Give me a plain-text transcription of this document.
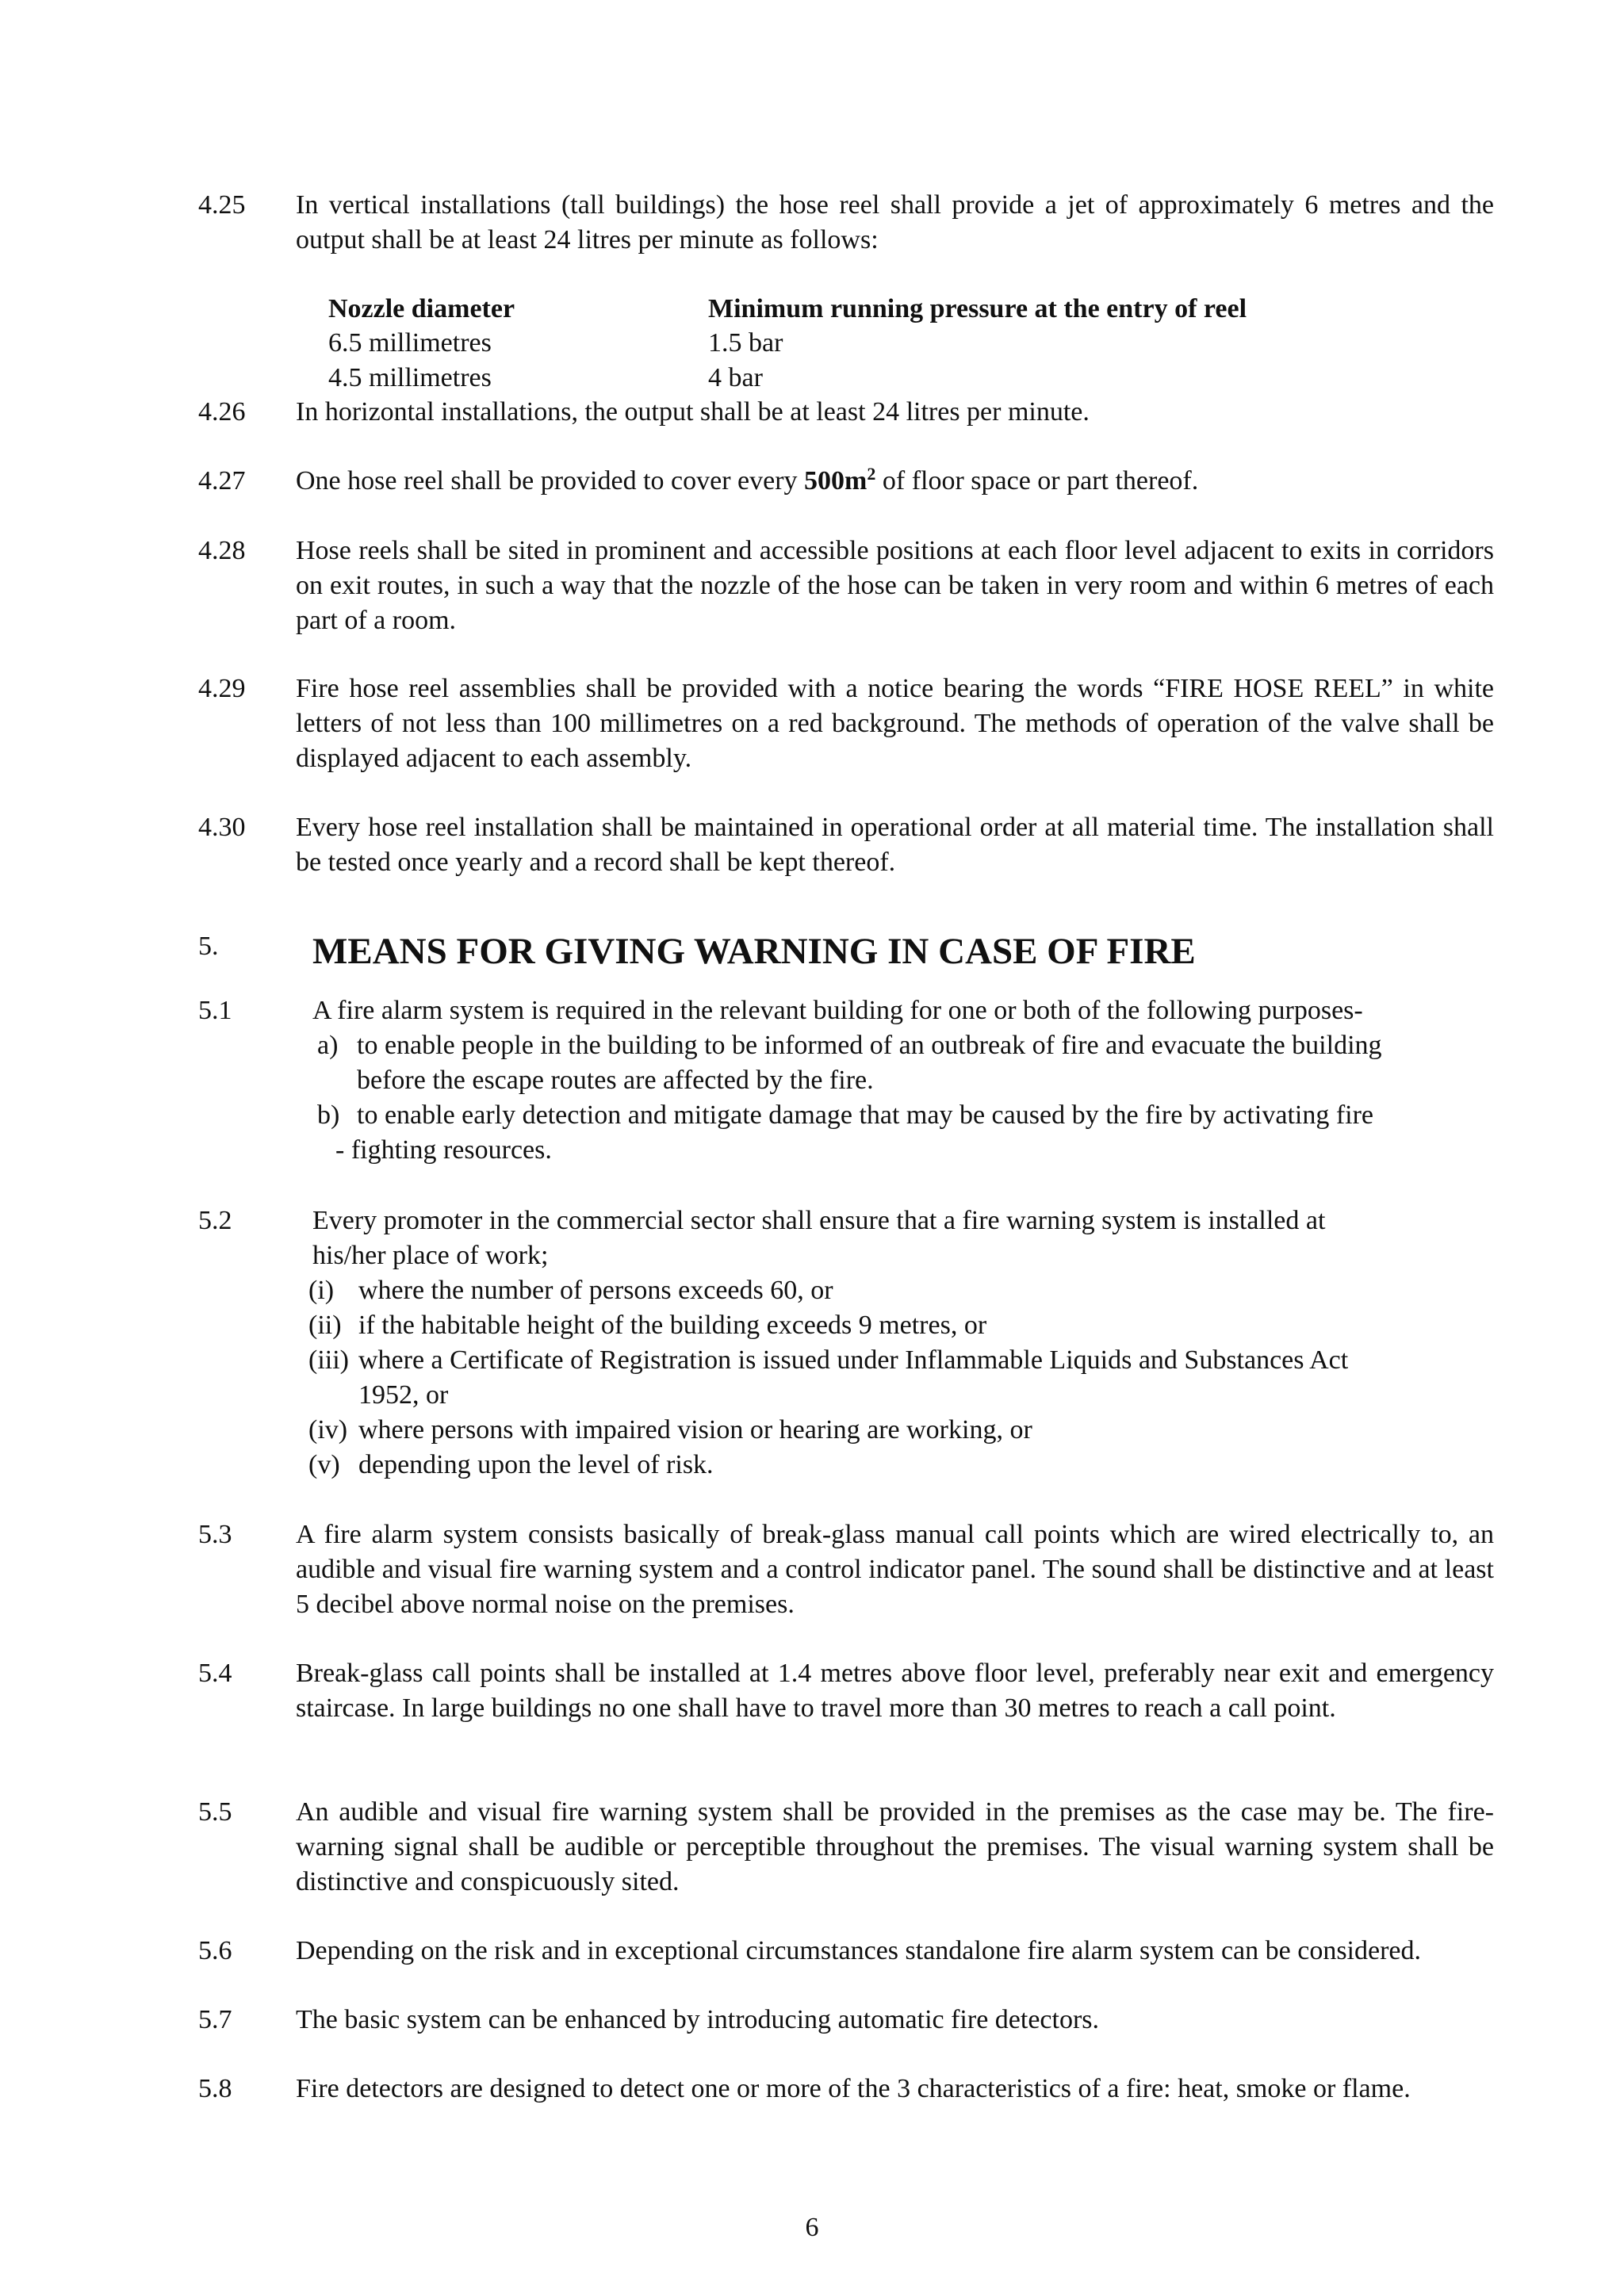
4.25 In vertical installations (tall buildings) the hose reel shall provide a jet of approximately 6 metres and the output shall be at least 24 litres per minute as follows:
Nozzle diameter	Minimum running pressure at the entry of reel
6.5 millimetres	1.5 bar
4.5 millimetres	4 bar
4.26 In horizontal installations, the output shall be at least 24 litres per minute.
4.27 One hose reel shall be provided to cover every $500m^2$ of floor space or part thereof.
4.28 Hose reels shall be sited in prominent and accessible positions at each floor level adjacent to exits in corridors on exit routes, in such a way that the nozzle of the hose can be taken in very room and within 6 metres of each part of a room.
4.29 Fire hose reel assemblies shall be provided with a notice bearing the words “FIRE HOSE REEL” in white letters of not less than 100 millimetres on a red background. The methods of operation of the valve shall be displayed adjacent to each assembly.
4.30 Every hose reel installation shall be maintained in operational order at all material time. The installation shall be tested once yearly and a record shall be kept thereof.
5.	MEANS FOR GIVING WARNING IN CASE OF FIRE
5.1	A fire alarm system is required in the relevant building for one or both of the following purposes-
a) to enable people in the building to be informed of an outbreak of fire and evacuate the building
before the escape routes are affected by the fire.
b) to enable early detection and mitigate damage that may be caused by the fire by activating fire
- fighting resources.
5.2	Every promoter in the commercial sector shall ensure that a fire warning system is installed at
his/her place of work;
(i) where the number of persons exceeds 60, or
(ii) if the habitable height of the building exceeds 9 metres, or
(iii) where a Certificate of Registration is issued under Inflammable Liquids and Substances Act
1952, or
(iv) where persons with impaired vision or hearing are working, or
(v) depending upon the level of risk.
5.3 A fire alarm system consists basically of break-glass manual call points which are wired electrically to, an audible and visual fire warning system and a control indicator panel. The sound shall be distinctive and at least 5 decibel above normal noise on the premises.
5.4 Break-glass call points shall be installed at 1.4 metres above floor level, preferably near exit and emergency staircase. In large buildings no one shall have to travel more than 30 metres to reach a call point.
5.5 An audible and visual fire warning system shall be provided in the premises as the case may be. The fire-warning signal shall be audible or perceptible throughout the premises. The visual warning system shall be distinctive and conspicuously sited.
5.6 Depending on the risk and in exceptional circumstances standalone fire alarm system can be considered.
5.7 The basic system can be enhanced by introducing automatic fire detectors.
5.8 Fire detectors are designed to detect one or more of the 3 characteristics of a fire: heat, smoke or flame.
6
